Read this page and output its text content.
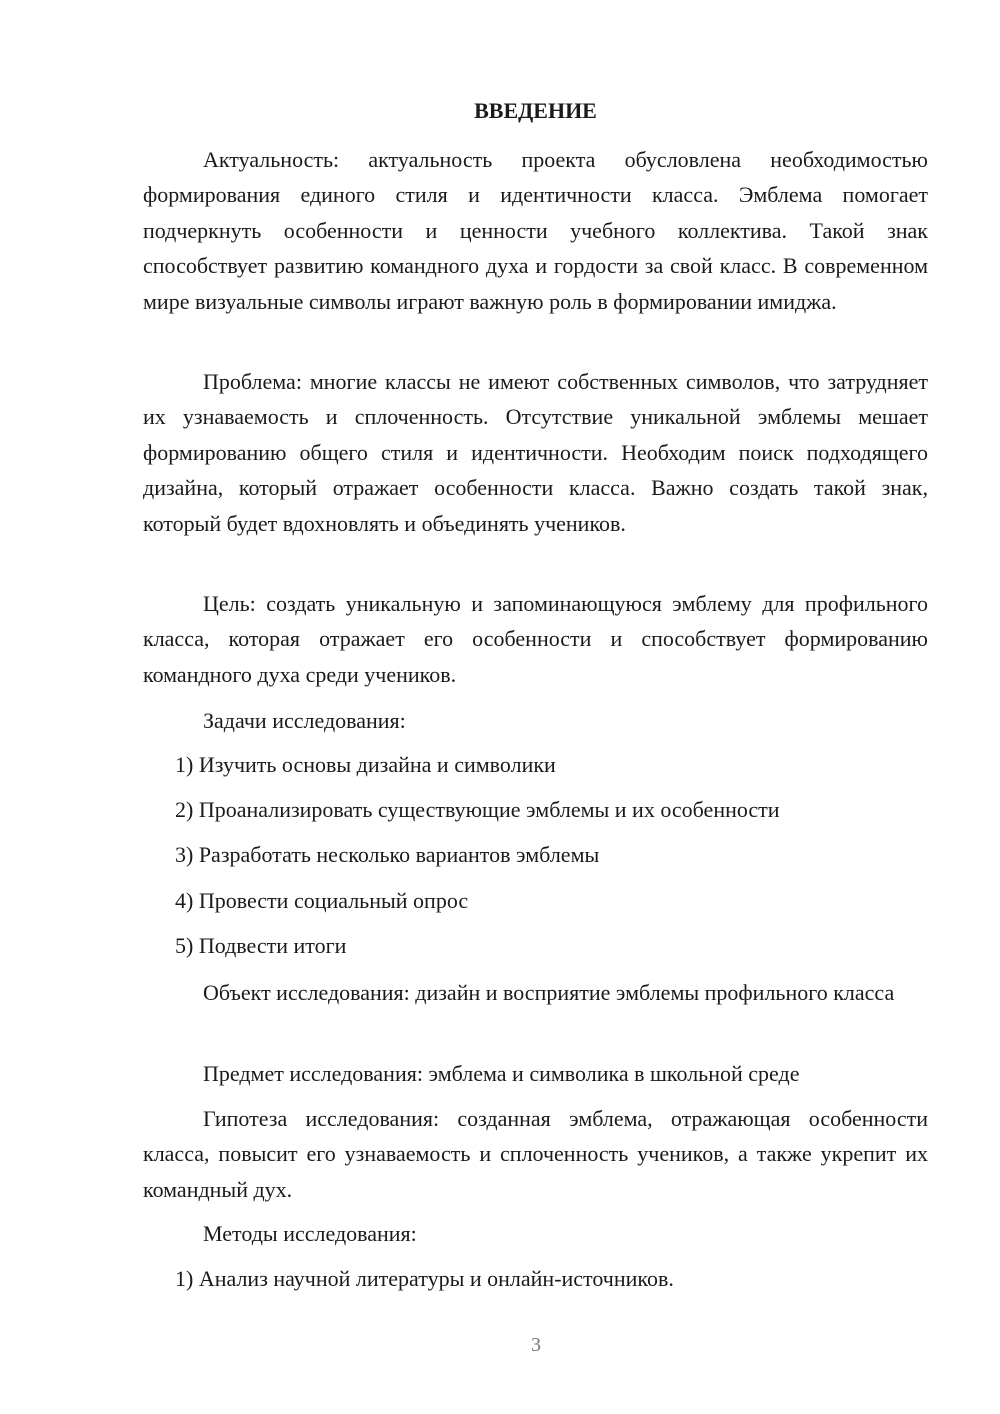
ВВЕДЕНИЕ

Актуальность: актуальность проекта обусловлена необходимостью формирования единого стиля и идентичности класса. Эмблема помогает подчеркнуть особенности и ценности учебного коллектива. Такой знак способствует развитию командного духа и гордости за свой класс. В современном мире визуальные символы играют важную роль в формировании имиджа.

Проблема: многие классы не имеют собственных символов, что затрудняет их узнаваемость и сплоченность. Отсутствие уникальной эмблемы мешает формированию общего стиля и идентичности. Необходим поиск подходящего дизайна, который отражает особенности класса. Важно создать такой знак, который будет вдохновлять и объединять учеников.

Цель: создать уникальную и запоминающуюся эмблему для профильного класса, которая отражает его особенности и способствует формированию командного духа среди учеников.

Задачи исследования:

1) Изучить основы дизайна и символики

2) Проанализировать существующие эмблемы и их особенности

3) Разработать несколько вариантов эмблемы

4) Провести социальный опрос

5) Подвести итоги

Объект исследования: дизайн и восприятие эмблемы профильного класса

Предмет исследования: эмблема и символика в школьной среде

Гипотеза исследования: созданная эмблема, отражающая особенности класса, повысит его узнаваемость и сплоченность учеников, а также укрепит их командный дух.

Методы исследования:

1) Анализ научной литературы и онлайн-источников.

3
